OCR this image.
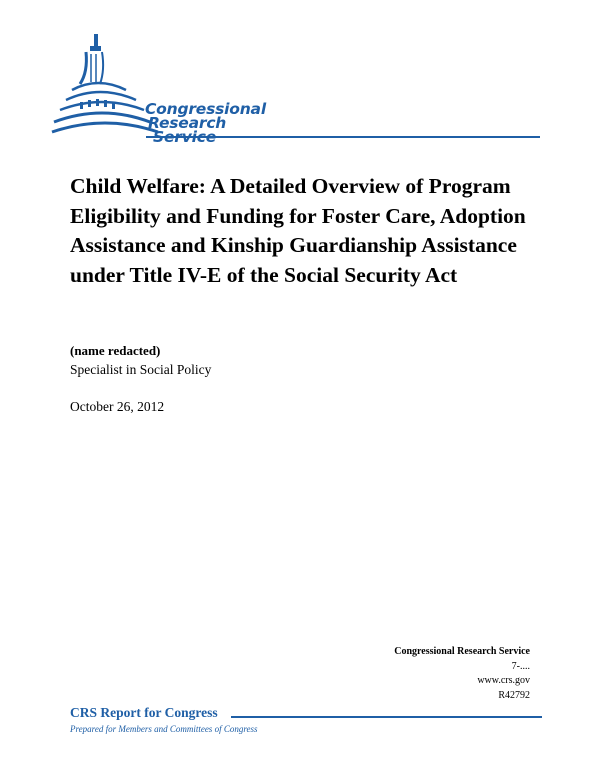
Congressional
Research
Service
Child Welfare: A Detailed Overview of Program Eligibility and Funding for Foster Care, Adoption Assistance and Kinship Guardianship Assistance under Title IV-E of the Social Security Act
(name redacted)
Specialist in Social Policy
October 26, 2012
Congressional Research Service
7-....
www.crs.gov
R42792
CRS Report for Congress
Prepared for Members and Committees of Congress
